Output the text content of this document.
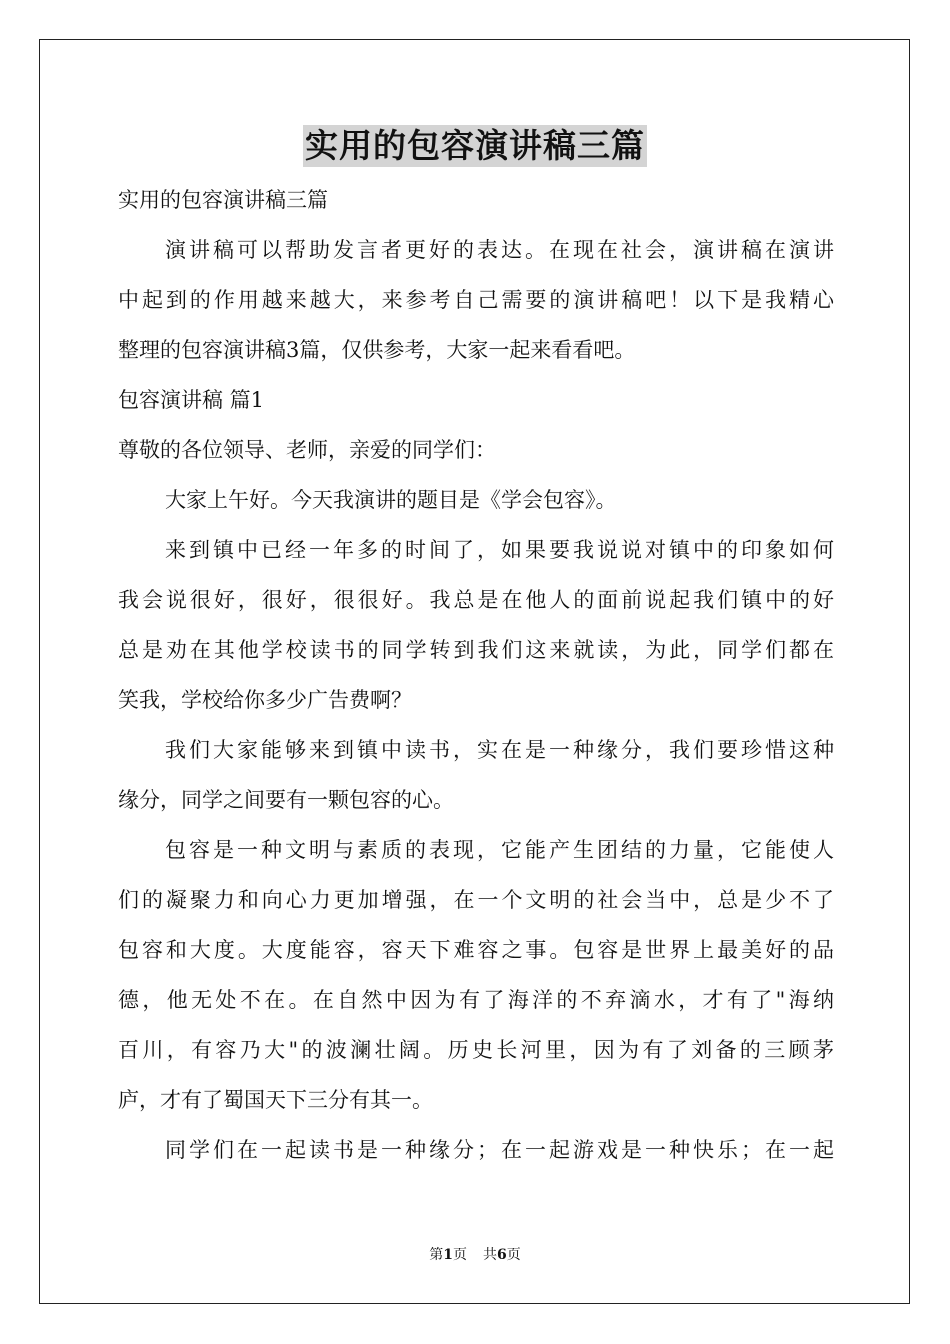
实用的包容演讲稿三篇
实用的包容演讲稿三篇
演讲稿可以帮助发言者更好的表达。在现在社会，演讲稿在演讲
中起到的作用越来越大，来参考自己需要的演讲稿吧！以下是我精心
整理的包容演讲稿3篇，仅供参考，大家一起来看看吧。
包容演讲稿 篇1
尊敬的各位领导、老师，亲爱的同学们：
大家上午好。今天我演讲的题目是《学会包容》。
来到镇中已经一年多的时间了，如果要我说说对镇中的印象如何
我会说很好，很好，很很好。我总是在他人的面前说起我们镇中的好
总是劝在其他学校读书的同学转到我们这来就读，为此，同学们都在
笑我，学校给你多少广告费啊？
我们大家能够来到镇中读书，实在是一种缘分，我们要珍惜这种
缘分，同学之间要有一颗包容的心。
包容是一种文明与素质的表现，它能产生团结的力量，它能使人
们的凝聚力和向心力更加增强，在一个文明的社会当中，总是少不了
包容和大度。大度能容，容天下难容之事。包容是世界上最美好的品
德，他无处不在。在自然中因为有了海洋的不弃滴水，才有了"海纳
百川，有容乃大"的波澜壮阔。历史长河里，因为有了刘备的三顾茅
庐，才有了蜀国天下三分有其一。
同学们在一起读书是一种缘分；在一起游戏是一种快乐；在一起
第1页 共6页
